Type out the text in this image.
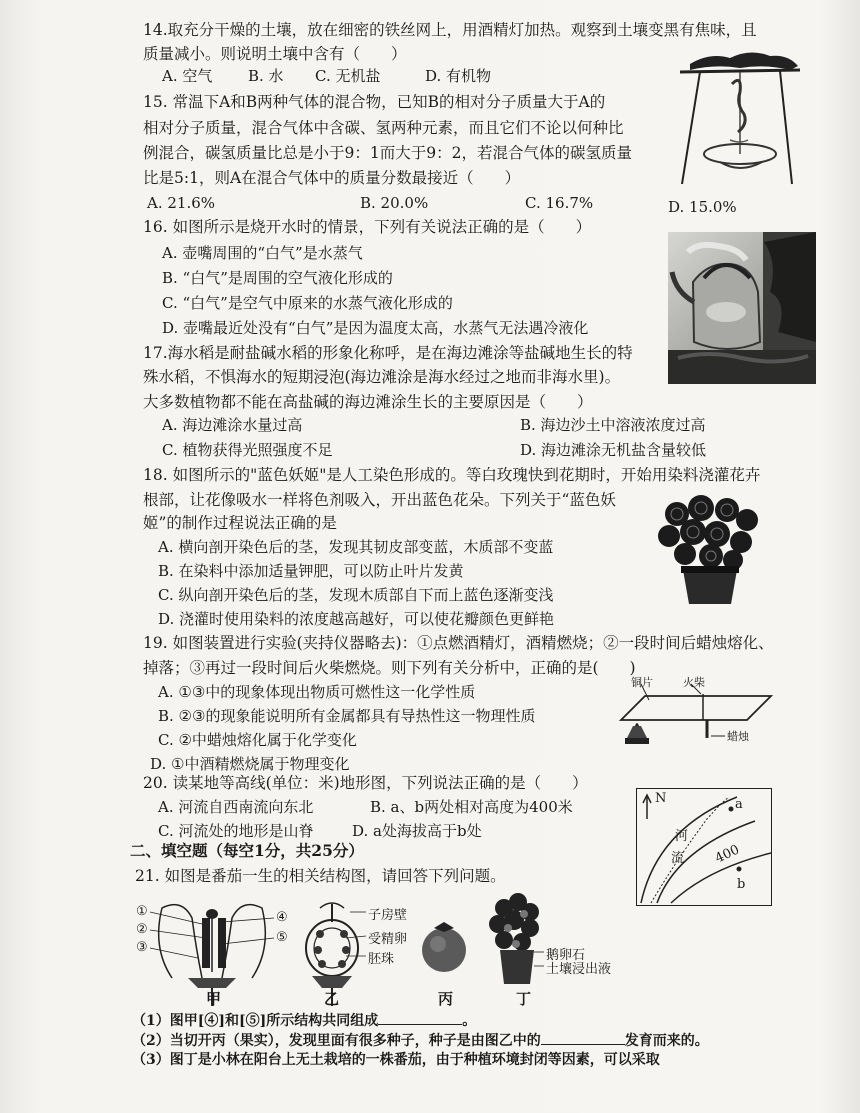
14.取充分干燥的土壤，放在细密的铁丝网上，用酒精灯加热。观察到土壤变黑有焦味，且
质量减小。则说明土壤中含有（　　）
A. 空气 B. 水 C. 无机盐	D. 有机物
15. 常温下A和B两种气体的混合物，已知B的相对分子质量大于A的
相对分子质量，混合气体中含碳、氢两种元素，而且它们不论以何种比
例混合，碳氢质量比总是小于9：1而大于9：2，若混合气体的碳氢质量
比是5:1，则A在混合气体中的质量分数最接近（　　）
A. 21.6%	B. 20.0%	C. 16.7%	D. 15.0%
16. 如图所示是烧开水时的情景，下列有关说法正确的是（　　）
A. 壶嘴周围的“白气”是水蒸气
B. “白气”是周围的空气液化形成的
C. “白气”是空气中原来的水蒸气液化形成的
D. 壶嘴最近处没有“白气”是因为温度太高，水蒸气无法遇冷液化
17.海水稻是耐盐碱水稻的形象化称呼，是在海边滩涂等盐碱地生长的特
殊水稻，不惧海水的短期浸泡(海边滩涂是海水经过之地而非海水里)。
大多数植物都不能在高盐碱的海边滩涂生长的主要原因是（　　）
A. 海边滩涂水量过高	B. 海边沙土中溶液浓度过高
C. 植物获得光照强度不足	D. 海边滩涂无机盐含量较低
18. 如图所示的"蓝色妖姬"是人工染色形成的。等白玫瑰快到花期时，开始用染料浇灌花卉
根部，让花像吸水一样将色剂吸入，开出蓝色花朵。下列关于“蓝色妖
姬”的制作过程说法正确的是
A. 横向剖开染色后的茎，发现其韧皮部变蓝，木质部不变蓝
B. 在染料中添加适量钾肥，可以防止叶片发黄
C. 纵向剖开染色后的茎，发现木质部自下而上蓝色逐渐变浅
D. 浇灌时使用染料的浓度越高越好，可以使花瓣颜色更鲜艳
19. 如图装置进行实验(夹持仪器略去)：①点燃酒精灯，酒精燃烧；②一段时间后蜡烛熔化、
掉落；③再过一段时间后火柴燃烧。则下列有关分析中，正确的是(　　)
A. ①③中的现象体现出物质可燃性这一化学性质
B. ②③的现象能说明所有金属都具有导热性这一物理性质
C. ②中蜡烛熔化属于化学变化
D. ①中酒精燃烧属于物理变化
铜片	火柴
蜡烛
20. 读某地等高线(单位：米)地形图，下列说法正确的是（　　）
A. 河流自西南流向东北	B. a、b两处相对高度为400米
C. 河流处的地形是山脊	D. a处海拔高于b处
N
河
流 400
a
b
二、填空题（每空1分，共25分）
21. 如图是番茄一生的相关结构图，请回答下列问题。
①
②
③
④
⑤
子房壁
受精卵
胚珠	鹅卵石
土壤浸出液
甲	乙	丙	丁
（1）图甲[④]和[⑤]所示结构共同组成	。
（2）当切开丙（果实），发现里面有很多种子，种子是由图乙中的	发育而来的。
（3）图丁是小林在阳台上无土栽培的一株番茄，由于种植环境封闭等因素，可以采取
